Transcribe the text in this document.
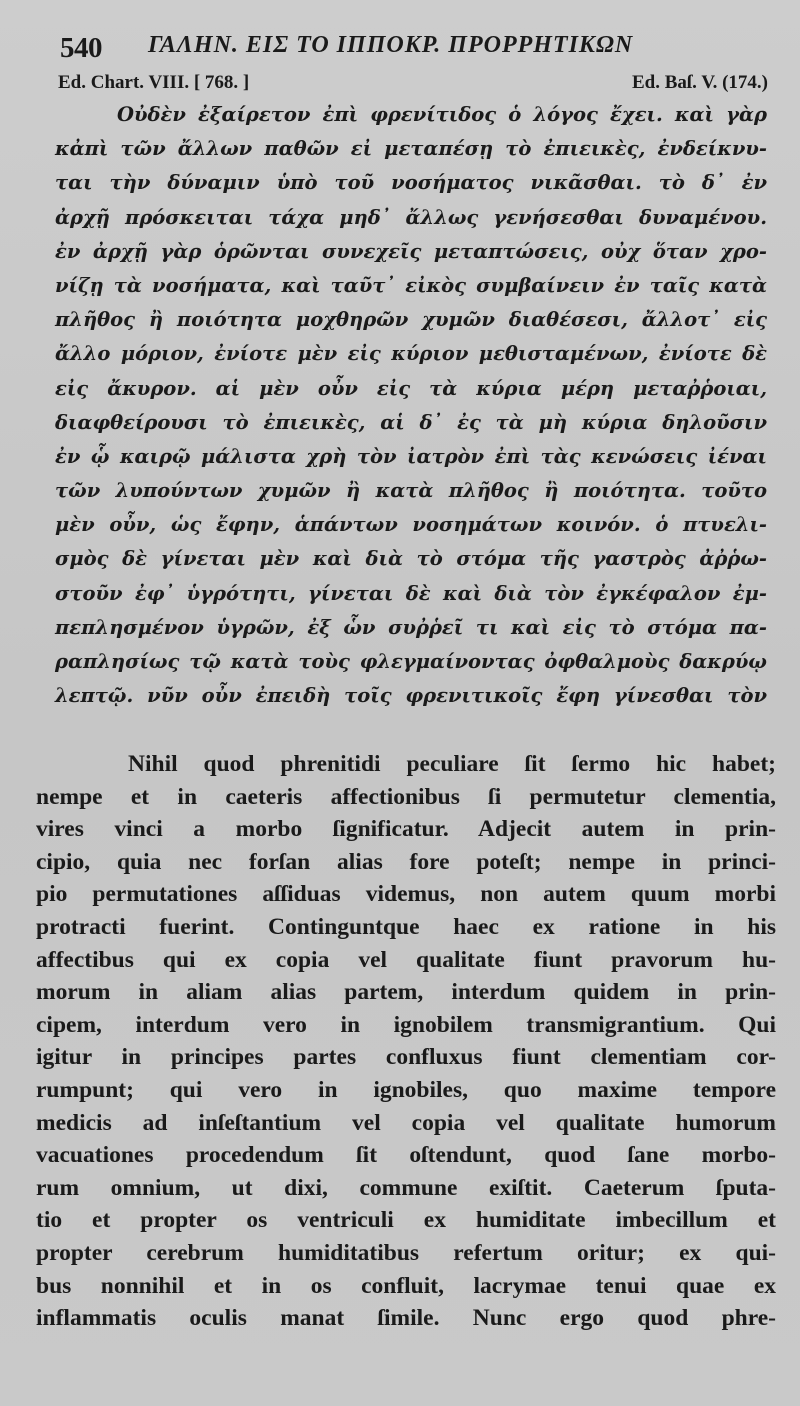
540 ΓΑΛΗΝ. ΕΙΣ ΤΟ ΙΠΠΟΚΡ. ΠΡΟΡΡΗΤΙΚΩΝ
Ed. Chart. VIII. [ 768. ]	Ed. Baſ. V. (174.)
Οὐδὲν ἐξαίρετον ἐπὶ φρενίτιδος ὁ λόγος ἔχει. καὶ γὰρ
κἀπὶ τῶν ἄλλων παθῶν εἰ μεταπέσῃ τὸ ἐπιεικὲς, ἐνδείκνυ-
ται τὴν δύναμιν ὑπὸ τοῦ νοσήματος νικᾶσθαι. τὸ δ᾽ ἐν
ἀρχῇ πρόσκειται τάχα μηδ᾽ ἄλλως γενήσεσθαι δυναμένου.
ἐν ἀρχῇ γὰρ ὁρῶνται συνεχεῖς μεταπτώσεις, οὐχ ὅταν χρο-
νίζῃ τὰ νοσήματα, καὶ ταῦτ᾽ εἰκὸς συμβαίνειν ἐν ταῖς κατὰ
πλῆθος ἢ ποιότητα μοχθηρῶν χυμῶν διαθέσεσι, ἄλλοτ᾽ εἰς
ἄλλο μόριον, ἐνίοτε μὲν εἰς κύριον μεθισταμένων, ἐνίοτε δὲ
εἰς ἄκυρον. αἱ μὲν οὖν εἰς τὰ κύρια μέρη μεταῤῥοιαι,
διαφθείρουσι τὸ ἐπιεικὲς, αἱ δ᾽ ἐς τὰ μὴ κύρια δηλοῦσιν
ἐν ᾧ καιρῷ μάλιστα χρὴ τὸν ἰατρὸν ἐπὶ τὰς κενώσεις ἰέναι
τῶν λυπούντων χυμῶν ἢ κατὰ πλῆθος ἢ ποιότητα. τοῦτο
μὲν οὖν, ὡς ἔφην, ἁπάντων νοσημάτων κοινόν. ὁ πτυελι-
σμὸς δὲ γίνεται μὲν καὶ διὰ τὸ στόμα τῆς γαστρὸς ἀῤῥω-
στοῦν ἐφ᾽ ὑγρότητι, γίνεται δὲ καὶ διὰ τὸν ἐγκέφαλον ἐμ-
πεπλησμένον ὑγρῶν, ἐξ ὧν συῤῥεῖ τι καὶ εἰς τὸ στόμα πα-
ραπλησίως τῷ κατὰ τοὺς φλεγμαίνοντας ὀφθαλμοὺς δακρύῳ
λεπτῷ. νῦν οὖν ἐπειδὴ τοῖς φρενιτικοῖς ἔφη γίνεσθαι τὸν
Nihil quod phrenitidi peculiare ſit ſermo hic habet;
nempe et in caeteris affectionibus ſi permutetur clementia,
vires vinci a morbo ſignificatur. Adjecit autem in prin-
cipio, quia nec forſan alias fore poteſt; nempe in princi-
pio permutationes aſſiduas videmus, non autem quum morbi
protracti fuerint. Continguntque haec ex ratione in his
affectibus qui ex copia vel qualitate fiunt pravorum hu-
morum in aliam alias partem, interdum quidem in prin-
cipem, interdum vero in ignobilem transmigrantium. Qui
igitur in principes partes confluxus fiunt clementiam cor-
rumpunt; qui vero in ignobiles, quo maxime tempore
medicis ad inſeſtantium vel copia vel qualitate humorum
vacuationes procedendum ſit oſtendunt, quod ſane morbo-
rum omnium, ut dixi, commune exiſtit. Caeterum ſputa-
tio et propter os ventriculi ex humiditate imbecillum et
propter cerebrum humiditatibus refertum oritur; ex qui-
bus nonnihil et in os confluit, lacrymae tenui quae ex
inflammatis oculis manat ſimile. Nunc ergo quod phre-
